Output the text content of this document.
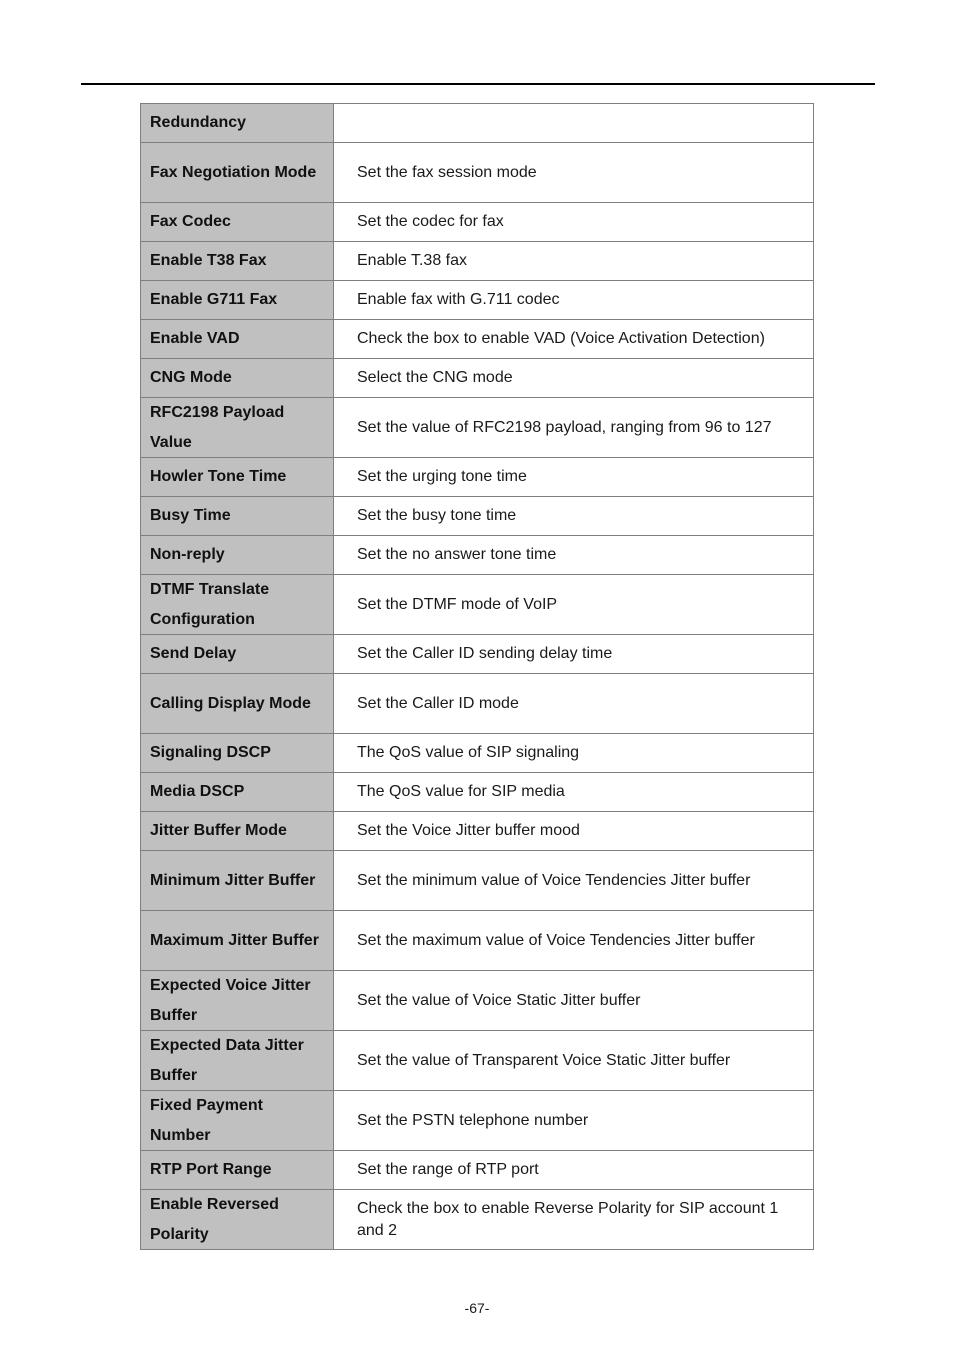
Redundancy	
Fax Negotiation Mode	Set the fax session mode
Fax Codec	Set the codec for fax
Enable T38 Fax	Enable T.38 fax
Enable G711 Fax	Enable fax with G.711 codec
Enable VAD	Check the box to enable VAD (Voice Activation Detection)
CNG Mode	Select the CNG mode
RFC2198 Payload Value	Set the value of RFC2198 payload, ranging from 96 to 127
Howler Tone Time	Set the urging tone time
Busy Time	Set the busy tone time
Non-reply	Set the no answer tone time
DTMF Translate Configuration	Set the DTMF mode of VoIP
Send Delay	Set the Caller ID sending delay time
Calling Display Mode	Set the Caller ID mode
Signaling DSCP	The QoS value of SIP signaling
Media DSCP	The QoS value for SIP media
Jitter Buffer Mode	Set the Voice Jitter buffer mood
Minimum Jitter Buffer	Set the minimum value of Voice Tendencies Jitter buffer
Maximum Jitter Buffer	Set the maximum value of Voice Tendencies Jitter buffer
Expected Voice Jitter Buffer	Set the value of Voice Static Jitter buffer
Expected Data Jitter Buffer	Set the value of Transparent Voice Static Jitter buffer
Fixed Payment Number	Set the PSTN telephone number
RTP Port Range	Set the range of RTP port
Enable Reversed Polarity	Check the box to enable Reverse Polarity for SIP account 1 and 2
-67-
